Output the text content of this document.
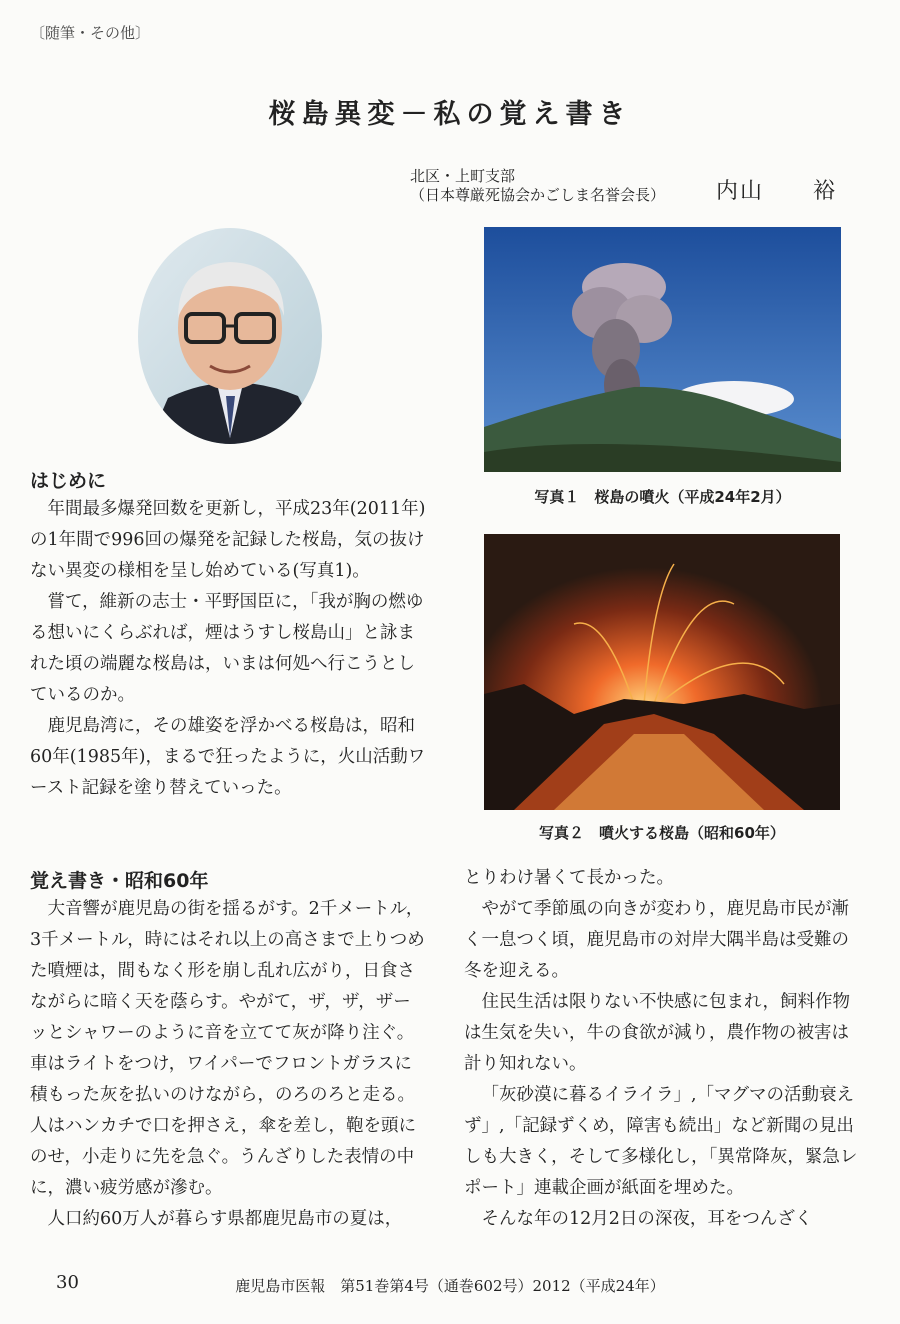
〔随筆・その他〕
桜島異変－私の覚え書き
北区・上町支部
（日本尊厳死協会かごしま名誉会長） 内山 裕
写真１　桜島の噴火（平成24年2月）
写真２　噴火する桜島（昭和60年）
はじめに

年間最多爆発回数を更新し，平成23年(2011年)の1年間で996回の爆発を記録した桜島，気の抜けない異変の様相を呈し始めている(写真1)。

嘗て，維新の志士・平野国臣に，「我が胸の燃ゆる想いにくらぶれば，煙はうすし桜島山」と詠まれた頃の端麗な桜島は，いまは何処へ行こうとしているのか。

鹿児島湾に，その雄姿を浮かべる桜島は，昭和60年(1985年)，まるで狂ったように，火山活動ワースト記録を塗り替えていった。

覚え書き・昭和60年

大音響が鹿児島の街を揺るがす。2千メートル，3千メートル，時にはそれ以上の高さまで上りつめた噴煙は，間もなく形を崩し乱れ広がり，日食さながらに暗く天を蔭らす。やがて，ザ，ザ，ザーッとシャワーのように音を立てて灰が降り注ぐ。車はライトをつけ，ワイパーでフロントガラスに積もった灰を払いのけながら，のろのろと走る。人はハンカチで口を押さえ，傘を差し，鞄を頭にのせ，小走りに先を急ぐ。うんざりした表情の中に，濃い疲労感が滲む。

人口約60万人が暮らす県都鹿児島市の夏は，

とりわけ暑くて長かった。

やがて季節風の向きが変わり，鹿児島市民が漸く一息つく頃，鹿児島市の対岸大隅半島は受難の冬を迎える。

住民生活は限りない不快感に包まれ，飼料作物は生気を失い，牛の食欲が減り，農作物の被害は計り知れない。

「灰砂漠に暮るイライラ」,「マグマの活動衰えず」,「記録ずくめ，障害も続出」など新聞の見出しも大きく，そして多様化し，「異常降灰，緊急レポート」連載企画が紙面を埋めた。

そんな年の12月2日の深夜，耳をつんざく

30	鹿児島市医報　第51巻第4号（通巻602号）2012（平成24年）
